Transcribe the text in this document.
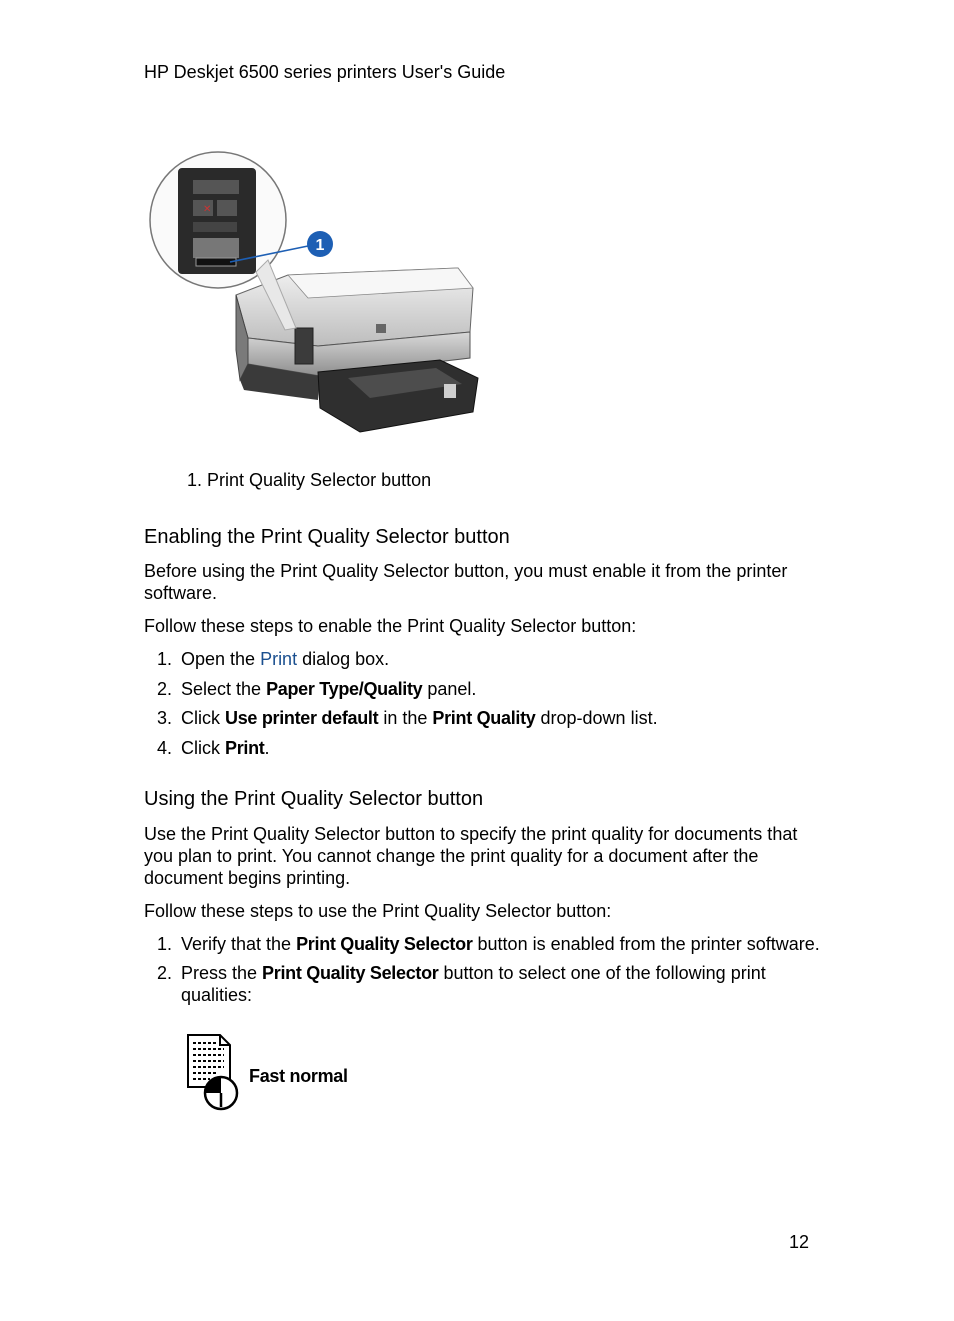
HP Deskjet 6500 series printers User's Guide
✕
1
1. Print Quality Selector button
Enabling the Print Quality Selector button

Before using the Print Quality Selector button, you must enable it from the printer software.

Follow these steps to enable the Print Quality Selector button:

1. Open the Print dialog box.
2. Select the Paper Type/Quality panel.
3. Click Use printer default in the Print Quality drop-down list.
4. Click Print.
Using the Print Quality Selector button

Use the Print Quality Selector button to specify the print quality for documents that you plan to print. You cannot change the print quality for a document after the document begins printing.

Follow these steps to use the Print Quality Selector button:

1. Verify that the Print Quality Selector button is enabled from the printer software.
2. Press the Print Quality Selector button to select one of the following print qualities:
Fast normal
12
